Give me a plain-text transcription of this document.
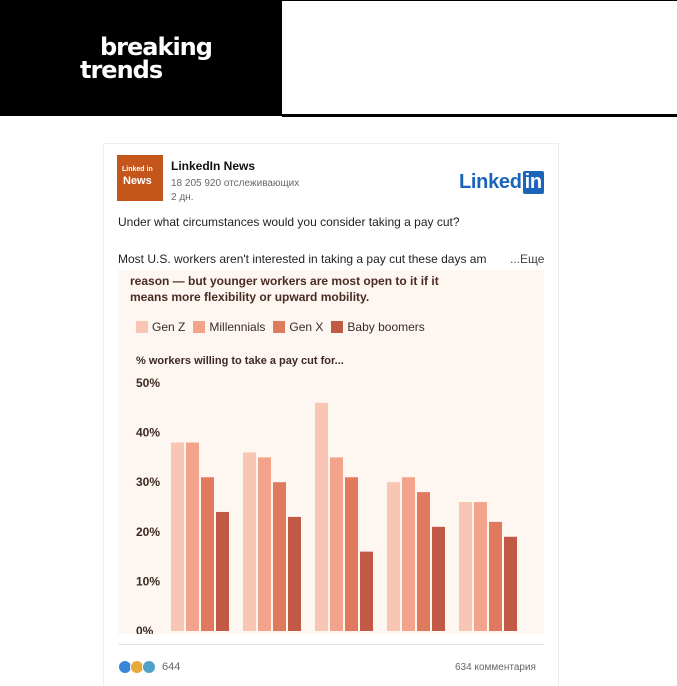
breaking
trends
Linked in
News
LinkedIn News
18 205 920 отслеживающих
2 дн.
Linked in
Under what circumstances would you consider taking a pay cut?
Most U.S. workers aren't interested in taking a pay cut these days am	...Еще
reason — but younger workers are most open to it if it
means more flexibility or upward mobility.
Gen Z Millennials Gen X Baby boomers
% workers willing to take a pay cut for...
50%
40%
30%
20%
10%
0%
644	634 комментария
